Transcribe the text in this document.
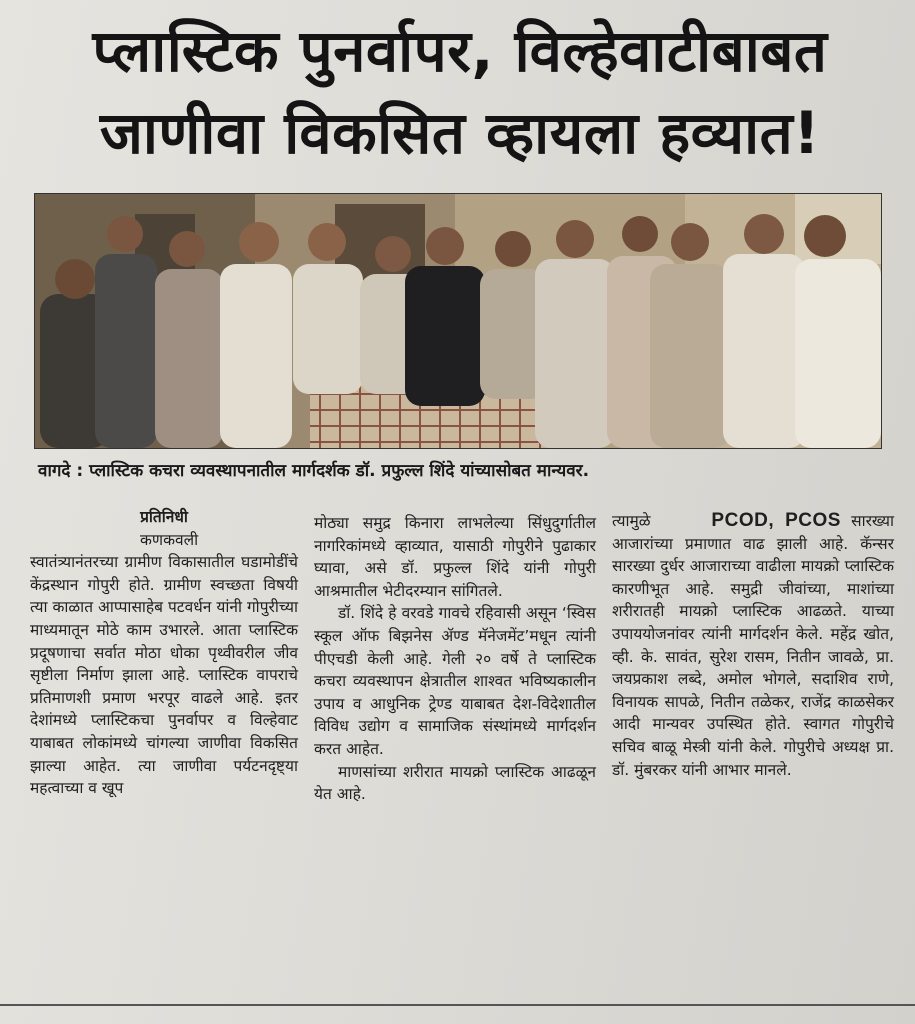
प्लास्टिक पुनर्वापर, विल्हेवाटीबाबत
जाणीवा विकसित व्हायला हव्यात!
वागदे : प्लास्टिक कचरा व्यवस्थापनातील मार्गदर्शक डॉ. प्रफुल्ल शिंदे यांच्यासोबत मान्यवर.

प्रतिनिधी

कणकवली

स्वातंत्र्यानंतरच्या ग्रामीण विकासातील घडामोडींचे केंद्रस्थान गोपुरी होते. ग्रामीण स्वच्छता विषयी त्या काळात आप्पासाहेब पटवर्धन यांनी गोपुरीच्या माध्यमातून मोठे काम उभारले. आता प्लास्टिक प्रदूषणाचा सर्वात मोठा धोका पृथ्वीवरील जीव सृष्टीला निर्माण झाला आहे. प्लास्टिक वापराचे प्रतिमाणशी प्रमाण भरपूर वाढले आहे. इतर देशांमध्ये प्लास्टिकचा पुनर्वापर व विल्हेवाट याबाबत लोकांमध्ये चांगल्या जाणीवा विकसित झाल्या आहेत. त्या जाणीवा पर्यटनदृष्ट्या महत्वाच्या व खूप

मोठ्या समुद्र किनारा लाभलेल्या सिंधुदुर्गातील नागरिकांमध्ये व्हाव्यात, यासाठी गोपुरीने पुढाकार घ्यावा, असे डॉ. प्रफुल्ल शिंदे यांनी गोपुरी आश्रमातील भेटीदरम्यान सांगितले.

डॉ. शिंदे हे वरवडे गावचे रहिवासी असून ‘स्विस स्कूल ऑफ बिझनेस ॲण्ड मॅनेजमेंट’मधून त्यांनी पीएचडी केली आहे. गेली २० वर्षे ते प्लास्टिक कचरा व्यवस्थापन क्षेत्रातील शाश्वत भविष्यकालीन उपाय व आधुनिक ट्रेण्ड याबाबत देश-विदेशातील विविध उद्योग व सामाजिक संस्थांमध्ये मार्गदर्शन करत आहेत.

माणसांच्या शरीरात मायक्रो प्लास्टिक आढळून येत आहे.

त्यामुळे	PCOD, PCOS सारख्या आजारांच्या प्रमाणात वाढ झाली आहे. कॅन्सर सारख्या दुर्धर आजाराच्या वाढीला मायक्रो प्लास्टिक कारणीभूत आहे. समुद्री जीवांच्या, माशांच्या शरीरातही मायक्रो प्लास्टिक आढळते. याच्या उपाययोजनांवर त्यांनी मार्गदर्शन केले. महेंद्र खोत, व्ही. के. सावंत, सुरेश रासम, नितीन जावळे, प्रा. जयप्रकाश लब्दे, अमोल भोगले, सदाशिव राणे, विनायक सापळे, नितीन तळेकर, राजेंद्र काळसेकर आदी मान्यवर उपस्थित होते. स्वागत गोपुरीचे सचिव बाळू मेस्त्री यांनी केले. गोपुरीचे अध्यक्ष प्रा. डॉ. मुंबरकर यांनी आभार मानले.
